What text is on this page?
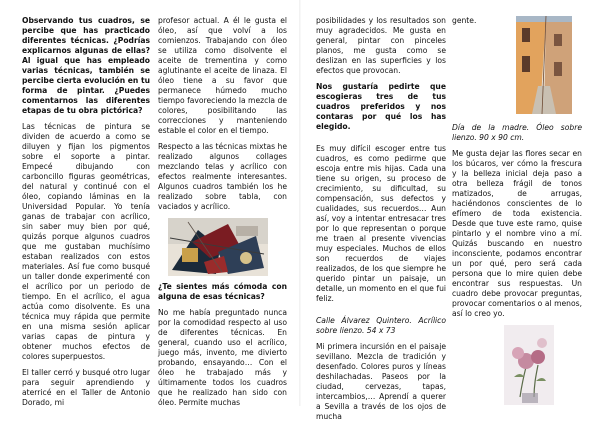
Observando tus cuadros, se percibe que has practicado diferentes técnicas. ¿Podrías explicarnos algunas de ellas? Al igual que has empleado varias técnicas, también se percibe cierta evolución en tu forma de pintar. ¿Puedes comentarnos las diferentes etapas de tu obra pictórica?

Las técnicas de pintura se dividen de acuerdo a como se diluyen y fijan los pigmentos sobre el soporte a pintar. Empecé dibujando con carboncillo figuras geométricas, del natural y continué con el óleo, copiando láminas en la Universidad Popular. Yo tenía ganas de trabajar con acrílico, sin saber muy bien por qué, quizás porque algunos cuadros que me gustaban muchísimo estaban realizados con estos materiales. Así fue como busqué un taller donde experimenté con el acrílico por un periodo de tiempo. En el acrílico, el agua actúa como disolvente. Es una técnica muy rápida que permite en una misma sesión aplicar varias capas de pintura y obtener muchos efectos de colores superpuestos.

El taller cerró y busqué otro lugar para seguir aprendiendo y aterricé en el Taller de Antonio Dorado, mi

profesor actual. A él le gusta el óleo, así que volví a los comienzos. Trabajando con óleo se utiliza como disolvente el aceite de trementina y como aglutinante el aceite de linaza. El óleo tiene a su favor que permanece húmedo mucho tiempo favoreciendo la mezcla de colores, posibilitando las correcciones y manteniendo estable el color en el tiempo.

Respecto a las técnicas mixtas he realizado algunos collages mezclando telas y acrílico con efectos realmente interesantes. Algunos cuadros también los he realizado sobre tabla, con vaciados y acrílico.

¿Te sientes más cómoda con alguna de esas técnicas?

No me había preguntado nunca por la comodidad respecto al uso de diferentes técnicas. En general, cuando uso el acrílico, juego más, invento, me divierto probando, ensayando… Con el óleo he trabajado más y últimamente todos los cuadros que he realizado han sido con óleo. Permite muchas

posibilidades y los resultados son muy agradecidos. Me gusta en general, pintar con pinceles planos, me gusta como se deslizan en las superficies y los efectos que provocan.

Nos gustaría pedirte que escogieras tres de tus cuadros preferidos y nos contaras por qué los has elegido.

Es muy difícil escoger entre tus cuadros, es como pedirme que escoja entre mis hijas. Cada una tiene su origen, su proceso de crecimiento, su dificultad, su compensación, sus defectos y cualidades, sus recuerdos… Aun así, voy a intentar entresacar tres por lo que representan o porque me traen al presente vivencias muy especiales. Muchos de ellos son recuerdos de viajes realizados, de los que siempre he querido pintar un paisaje, un detalle, un momento en el que fui feliz.

Calle Álvarez Quintero. Acrílico sobre lienzo. 54 x 73

Mi primera incursión en el paisaje sevillano. Mezcla de tradición y desenfado. Colores puros y líneas deshilachadas. Paseos por la ciudad, cervezas, tapas, intercambios,… Aprendí a querer a Sevilla a través de los ojos de mucha

gente.

Día de la madre. Óleo sobre lienzo. 90 x 90 cm.

Me gusta dejar las flores secar en los búcaros, ver cómo la frescura y la belleza inicial deja paso a otra belleza frágil de tonos matizados, de arrugas, haciéndonos conscientes de lo efímero de toda existencia. Desde que tuve este ramo, quise pintarlo y el nombre vino a mí. Quizás buscando en nuestro inconsciente, podamos encontrar un por qué, pero será cada persona que lo mire quien debe encontrar sus respuestas. Un cuadro debe provocar preguntas, provocar comentarios o al menos, así lo creo yo.
